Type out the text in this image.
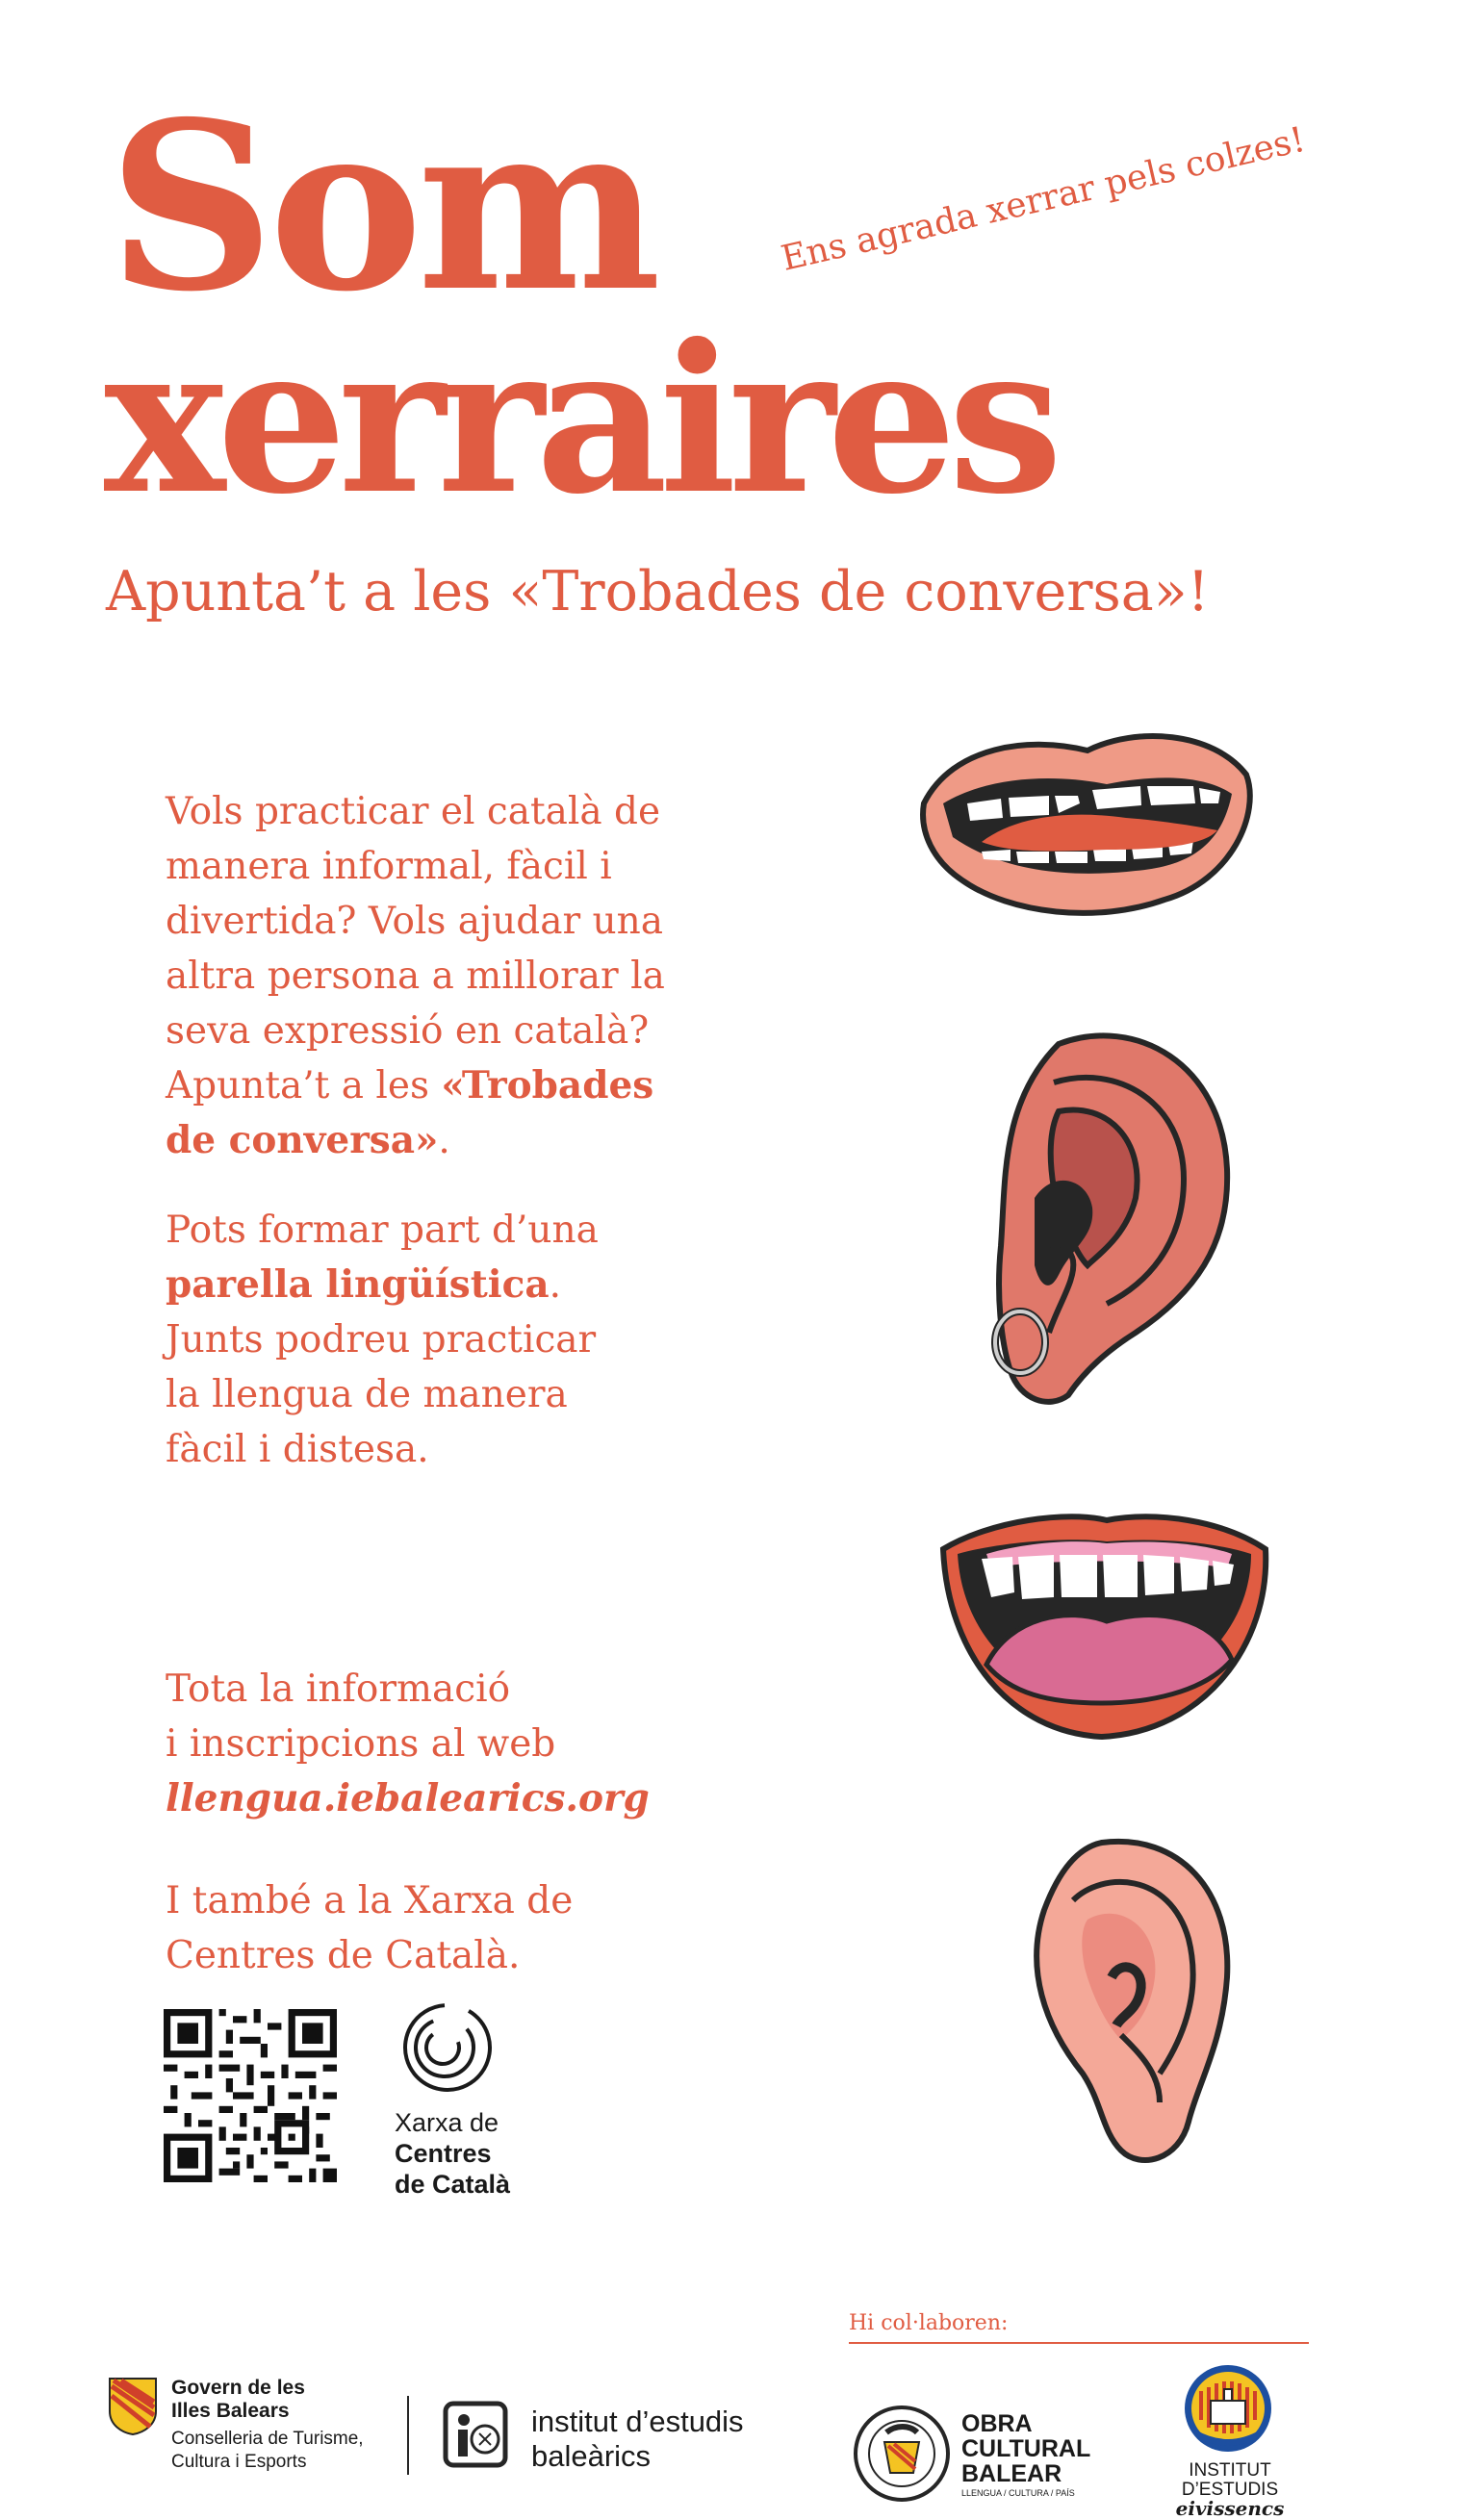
Som	Ens agrada xerrar pels colzes!
xerraires
Apunta’t a les «Trobades de conversa»!
Vols practicar el català de
manera informal, fàcil i
divertida? Vols ajudar una
altra persona a millorar la
seva expressió en català?
Apunta’t a les «Trobades
de conversa».
Pots formar part d’una
parella lingüística.
Junts podreu practicar
la llengua de manera
fàcil i distesa.
Tota la informació
i inscripcions al web
llengua.iebalearics.org
I també a la Xarxa de
Centres de Català.
Xarxa de
Centres
de Català
Hi col·laboren:
Govern de les
Illes Balears
Conselleria de Turisme,
Cultura i Esports
institut d’estudis
baleàrics
OBRA
CULTURAL
BALEAR
LLENGUA / CULTURA / PAÍS
INSTITUT
D’ESTUDIS
eivissencs
